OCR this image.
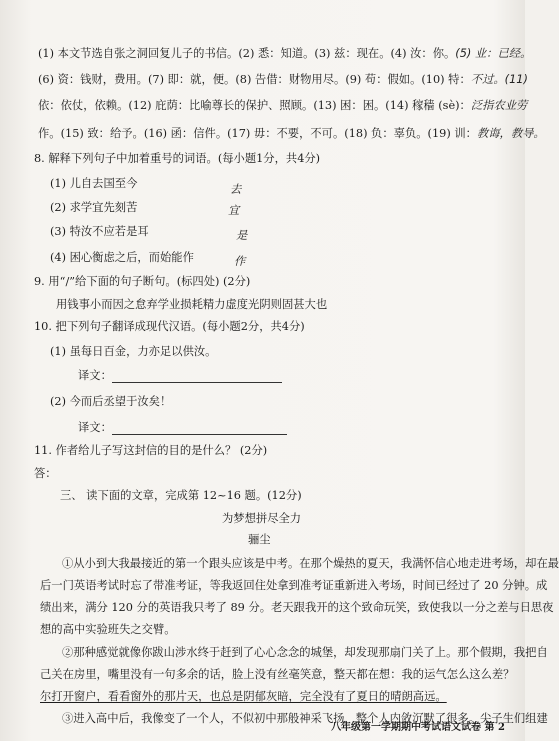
(1) 本文节选自张之洞回复儿子的书信。(2) 悉：知道。(3) 兹：现在。(4) 汝：你。(5) 业：已经。
(6) 资：钱财，费用。(7) 即：就，便。(8) 告借：财物用尽。(9) 苟：假如。(10) 特：不过。(11)
依：依仗，依赖。(12) 庇荫：比喻尊长的保护、照顾。(13) 困：困。(14) 稼穑 (sè)：泛指农业劳
作。(15) 致：给予。(16) 函：信件。(17) 毋：不要，不可。(18) 负：辜负。(19) 训：教诲，教导。
8. 解释下列句子中加着重号的词语。(每小题1分，共4分)
(1) 儿自去国至今	去
(2) 求学宜先刻苦	宜
(3) 特汝不应若是耳	是
(4) 困心衡虑之后，而始能作	作
9. 用“/”给下面的句子断句。(标四处) (2分)
用钱事小而因之怠弃学业损耗精力虚度光阴则固甚大也
10. 把下列句子翻译成现代汉语。(每小题2分，共4分)
(1) 虽每日百金，力亦足以供汝。
译文：
(2) 今而后丞望于汝矣！
译文：
11. 作者给儿子写这封信的目的是什么？ (2分)
答：
三、 读下面的文章，完成第 12~16 题。(12分)
为梦想拼尽全力
骊尘
①从小到大我最接近的第一个跟头应该是中考。在那个燥热的夏天，我满怀信心地走进考场，却在最
后一门英语考试时忘了带准考证，等我返回住处拿到准考证重新进入考场，时间已经过了 20 分钟。成
绩出来，满分 120 分的英语我只考了 89 分。老天跟我开的这个致命玩笑，致使我以一分之差与日思夜
想的高中实验班失之交臂。
②那种感觉就像你跋山涉水终于赶到了心心念念的城堡，却发现那扇门关了上。那个假期，我把自
己关在房里，嘴里没有一句多余的话，脸上没有丝毫笑意，整天都在想：我的运气怎么这么差？
尔打开窗户，看看窗外的那片天，也总是阴郁灰暗，完全没有了夏日的晴朗高远。
③进入高中后，我像变了一个人，不似初中那般神采飞扬，整个人内敛沉默了很多。尖子生们组建
八年级第一学期期中考试语文试卷 第 2
